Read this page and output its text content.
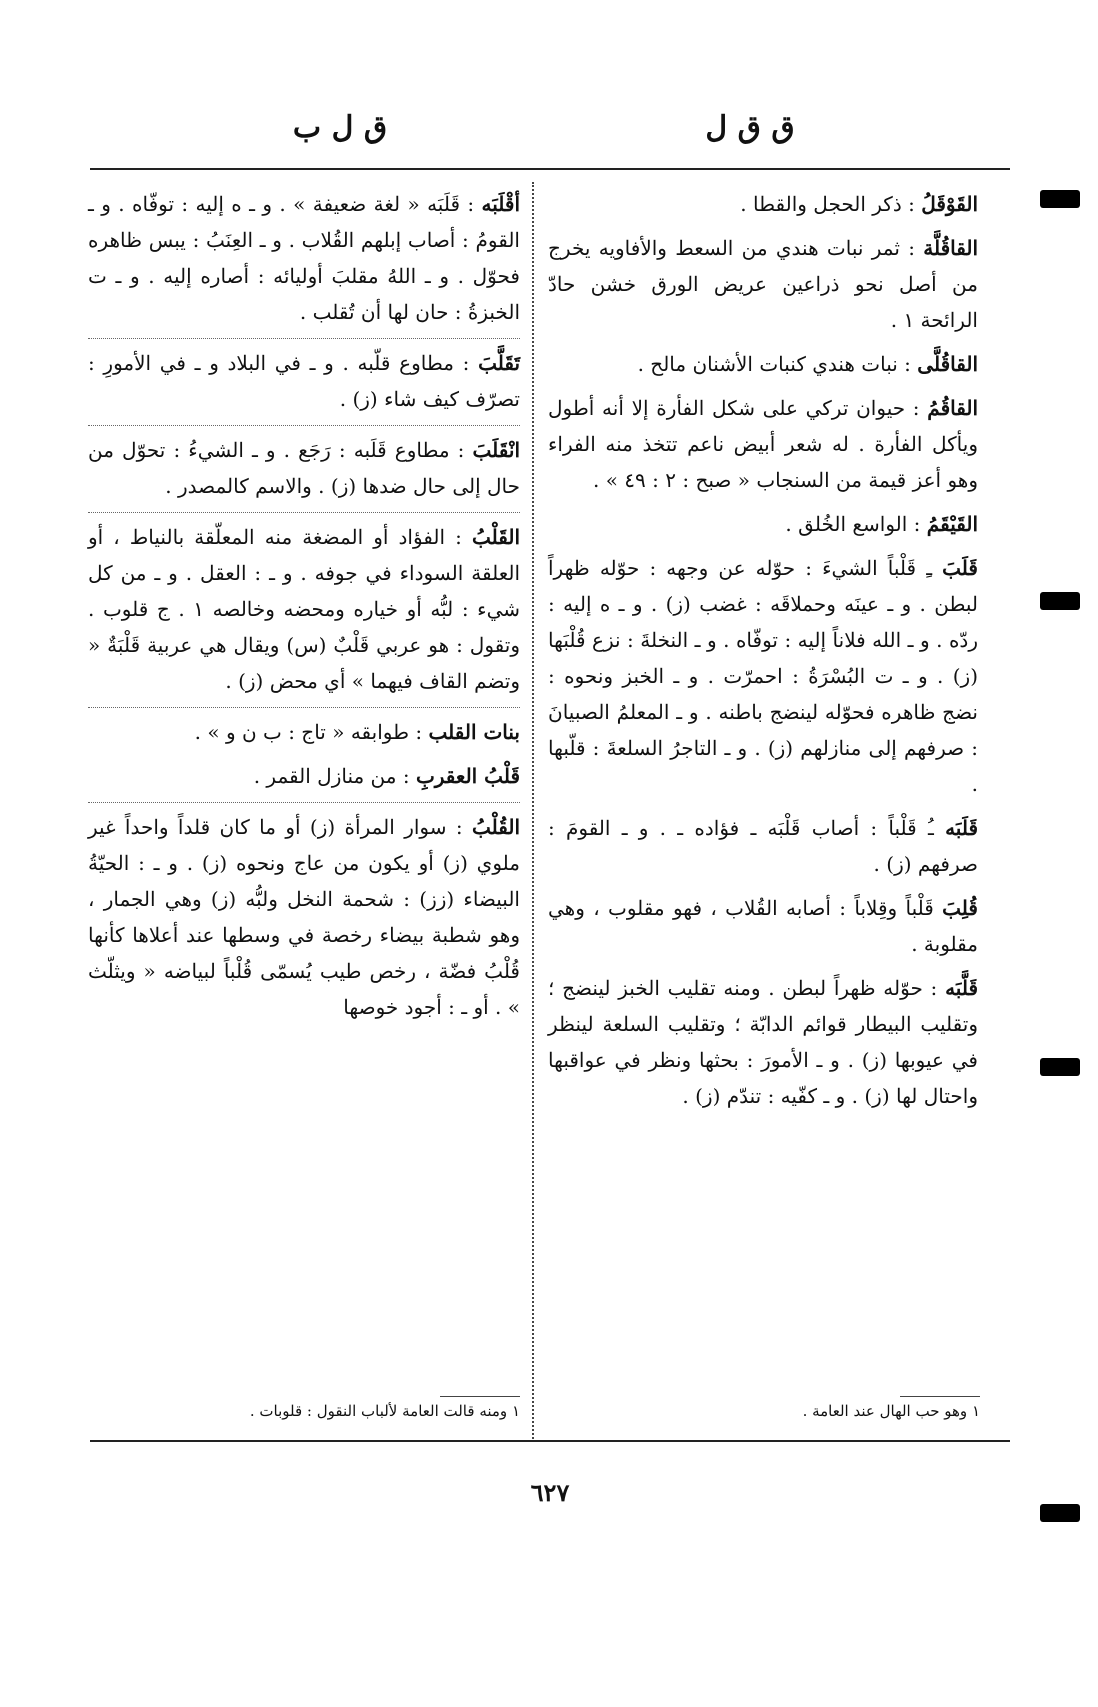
ق ق ل
ق ل ب

القَوْقَلُ : ذكر الحجل والقطا .

القاقُلَّة : ثمر نبات هندي من السعط والأفاويه يخرج من أصل نحو ذراعين عريض الورق خشن حادّ الرائحة ١ .

القاقُلَّى : نبات هندي كنبات الأشنان مالح .

القاقُمُ : حيوان تركي على شكل الفأرة إلا أنه أطول ويأكل الفأرة . له شعر أبيض ناعم تتخذ منه الفراء وهو أعز قيمة من السنجاب « صبح : ٢ : ٤٩ » .

القَيْقَمُ : الواسع الخُلق .

قَلَبَ ـِ قَلْباً الشيءَ : حوّله عن وجهه : حوّله ظهراً لبطن . و ـ عينَه وحملاقَه : غضب (ز) . و ـ ه إليه : ردّه . و ـ الله فلاناً إليه : توفّاه . و ـ النخلةَ : نزع قُلْبَها (ز) . و ـ ت البُسْرَةُ : احمرّت . و ـ الخبز ونحوه : نضج ظاهره فحوّله لينضج باطنه . و ـ المعلمُ الصبيانَ : صرفهم إلى منازلهم (ز) . و ـ التاجرُ السلعةَ : قلّبها .

قَلَبَه ـُ قَلْباً : أصاب قَلْبَه ـ فؤاده ـ . و ـ القومَ : صرفهم (ز) .

قُلِبَ قَلْباً وقِلاباً : أصابه القُلاب ، فهو مقلوب ، وهي مقلوبة .

قَلَّبَه : حوّله ظهراً لبطن . ومنه تقليب الخبز لينضج ؛ وتقليب البيطار قوائم الدابّة ؛ وتقليب السلعة لينظر في عيوبها (ز) . و ـ الأمورَ : بحثها ونظر في عواقبها واحتال لها (ز) . و ـ كفّيه : تندّم (ز) .

أقْلَبَه : قَلَبَه « لغة ضعيفة » . و ـ ه إليه : توفّاه . و ـ القومُ : أصاب إبلهم القُلاب . و ـ العِنَبُ : يبس ظاهره فحوّل . و ـ اللهُ مقلبَ أوليائه : أصاره إليه . و ـ ت الخبزةُ : حان لها أن تُقلب .

تَقَلَّبَ : مطاوع قلّبه . و ـ في البلاد و ـ في الأمورِ : تصرّف كيف شاء (ز) .

انْقَلَبَ : مطاوع قَلَبه : رَجَع . و ـ الشيءُ : تحوّل من حال إلى حال ضدها (ز) . والاسم كالمصدر .

القَلْبُ : الفؤاد أو المضغة منه المعلّقة بالنياط ، أو العلقة السوداء في جوفه . و ـ : العقل . و ـ من كل شيء : لبُّه أو خياره ومحضه وخالصه ١ . ج قلوب . وتقول : هو عربي قَلْبٌ (س) ويقال هي عربية قَلْبَةٌ « وتضم القاف فيهما » أي محض (ز) .

بنات القلب : طوابقه « تاج : ب ن و » .

قَلْبُ العقربِ : من منازل القمر .

القُلْبُ : سوار المرأة (ز) أو ما كان قلداً واحداً غير ملوي (ز) أو يكون من عاج ونحوه (ز) . و ـ : الحيّةُ البيضاء (زز) : شحمة النخل ولبُّه (ز) وهي الجمار ، وهو شطبة بيضاء رخصة في وسطها عند أعلاها كأنها قُلْبُ فضّة ، رخص طيب يُسمّى قُلْباً لبياضه « ويثلّث » . أو ـ : أجود خوصها

١ وهو حب الهال عند العامة .
١ ومنه قالت العامة لألباب النقول : قلوبات .
٦٢٧
